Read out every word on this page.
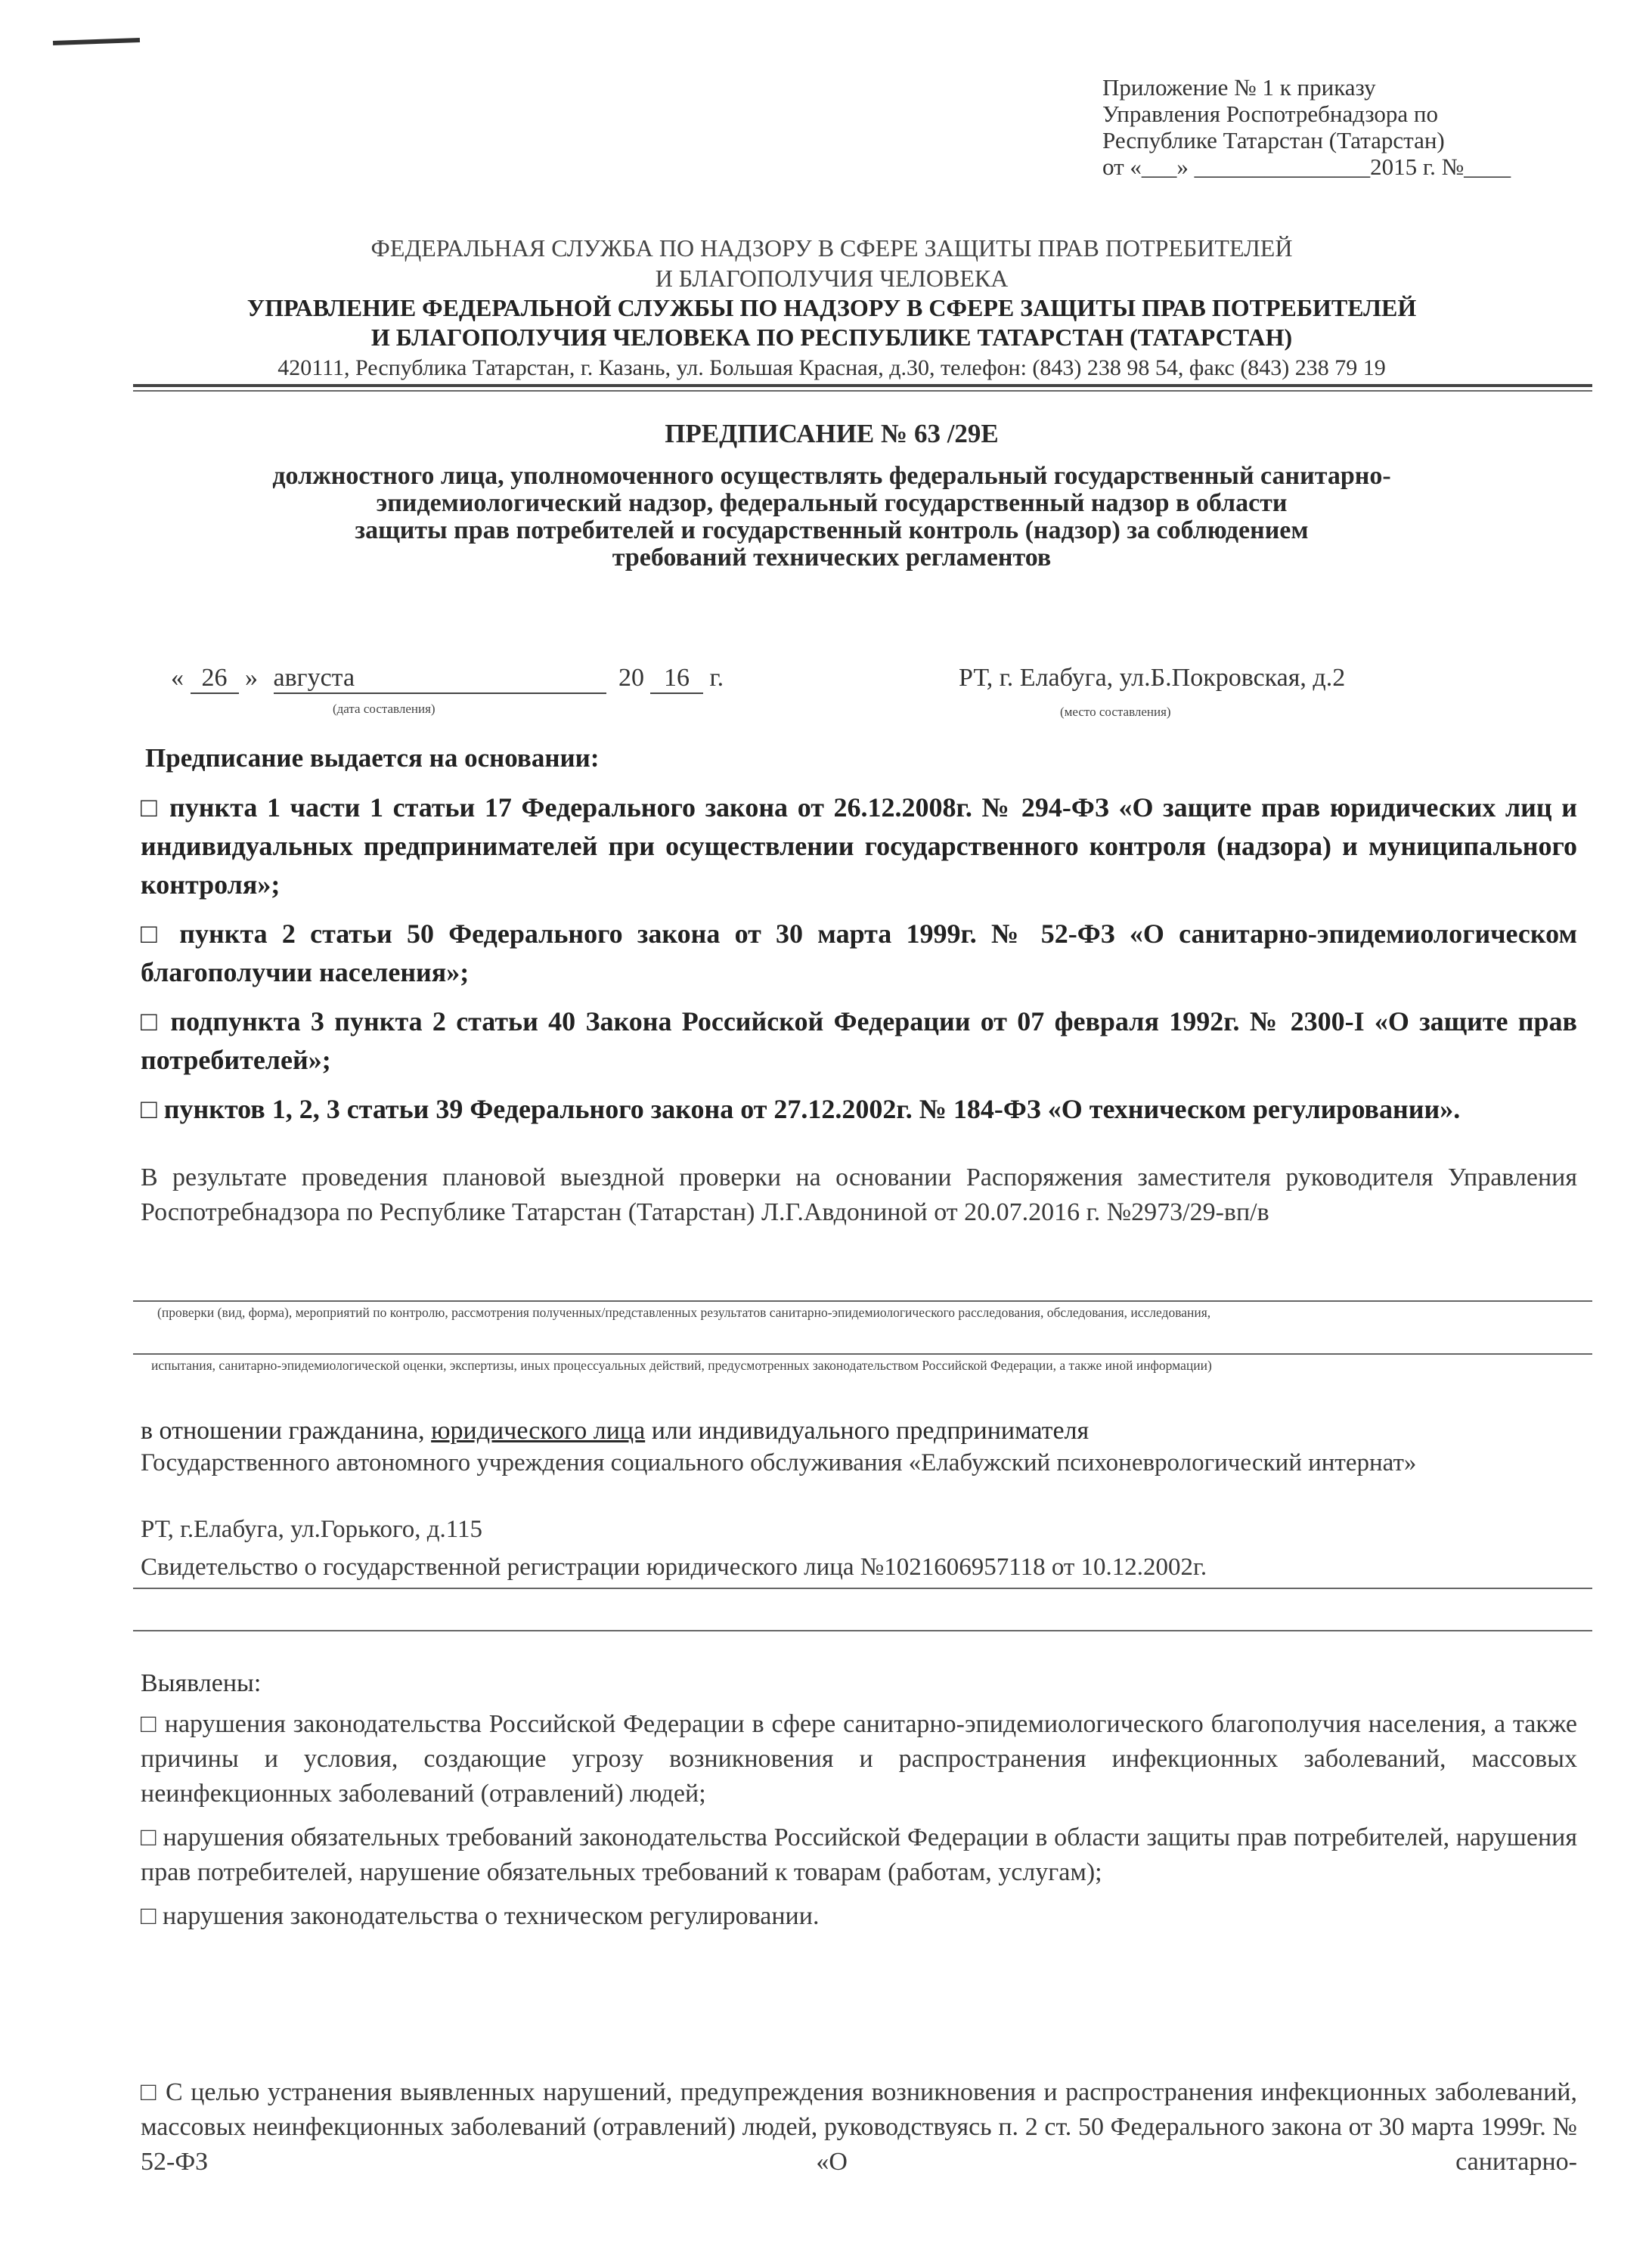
Приложение № 1 к приказу
Управления Роспотребнадзора по
Республике Татарстан (Татарстан)
от «___» _______________2015 г. №____
ФЕДЕРАЛЬНАЯ СЛУЖБА ПО НАДЗОРУ В СФЕРЕ ЗАЩИТЫ ПРАВ ПОТРЕБИТЕЛЕЙ
И БЛАГОПОЛУЧИЯ ЧЕЛОВЕКА
УПРАВЛЕНИЕ ФЕДЕРАЛЬНОЙ СЛУЖБЫ ПО НАДЗОРУ В СФЕРЕ ЗАЩИТЫ ПРАВ ПОТРЕБИТЕЛЕЙ
И БЛАГОПОЛУЧИЯ ЧЕЛОВЕКА ПО РЕСПУБЛИКЕ ТАТАРСТАН (ТАТАРСТАН)
420111, Республика Татарстан, г. Казань, ул. Большая Красная, д.30, телефон: (843) 238 98 54, факс (843) 238 79 19
ПРЕДПИСАНИЕ № 63 /29Е
должностного лица, уполномоченного осуществлять федеральный государственный санитарно-
эпидемиологический надзор, федеральный государственный надзор в области
защиты прав потребителей и государственный контроль (надзор) за соблюдением
требований технических регламентов
« 26 » августа	20 16 г.
(дата составления)
РТ, г. Елабуга, ул.Б.Покровская, д.2
(место составления)
Предписание выдается на основании:
□ пункта 1 части 1 статьи 17 Федерального закона от 26.12.2008г. № 294-ФЗ «О защите прав юридических лиц и индивидуальных предпринимателей при осуществлении государственного контроля (надзора) и муниципального контроля»;
□ пункта 2 статьи 50 Федерального закона от 30 марта 1999г. № 52-ФЗ «О санитарно-эпидемиологическом благополучии населения»;
□ подпункта 3 пункта 2 статьи 40 Закона Российской Федерации от 07 февраля 1992г. № 2300-I «О защите прав потребителей»;
□ пунктов 1, 2, 3 статьи 39 Федерального закона от 27.12.2002г. № 184-ФЗ «О техническом регулировании».
В результате проведения плановой выездной проверки на основании Распоряжения заместителя руководителя Управления Роспотребнадзора по Республике Татарстан (Татарстан) Л.Г.Авдониной от 20.07.2016 г. №2973/29-вп/в
(проверки (вид, форма), мероприятий по контролю, рассмотрения полученных/представленных результатов санитарно-эпидемиологического расследования, обследования, исследования,
испытания, санитарно-эпидемиологической оценки, экспертизы, иных процессуальных действий, предусмотренных законодательством Российской Федерации, а также иной информации)
в отношении гражданина, юридического лица или индивидуального предпринимателя
Государственного автономного учреждения социального обслуживания «Елабужский психоневрологический интернат»
РТ, г.Елабуга, ул.Горького, д.115
Свидетельство о государственной регистрации юридического лица №1021606957118 от 10.12.2002г.
Выявлены:
□ нарушения законодательства Российской Федерации в сфере санитарно-эпидемиологического благополучия населения, а также причины и условия, создающие угрозу возникновения и распространения инфекционных заболеваний, массовых неинфекционных заболеваний (отравлений) людей;
□ нарушения обязательных требований законодательства Российской Федерации в области защиты прав потребителей, нарушения прав потребителей, нарушение обязательных требований к товарам (работам, услугам);
□ нарушения законодательства о техническом регулировании.
□ С целью устранения выявленных нарушений, предупреждения возникновения и распространения инфекционных заболеваний, массовых неинфекционных заболеваний (отравлений) людей, руководствуясь п. 2 ст. 50 Федерального закона от 30 марта 1999г. № 52-ФЗ «О санитарно-
